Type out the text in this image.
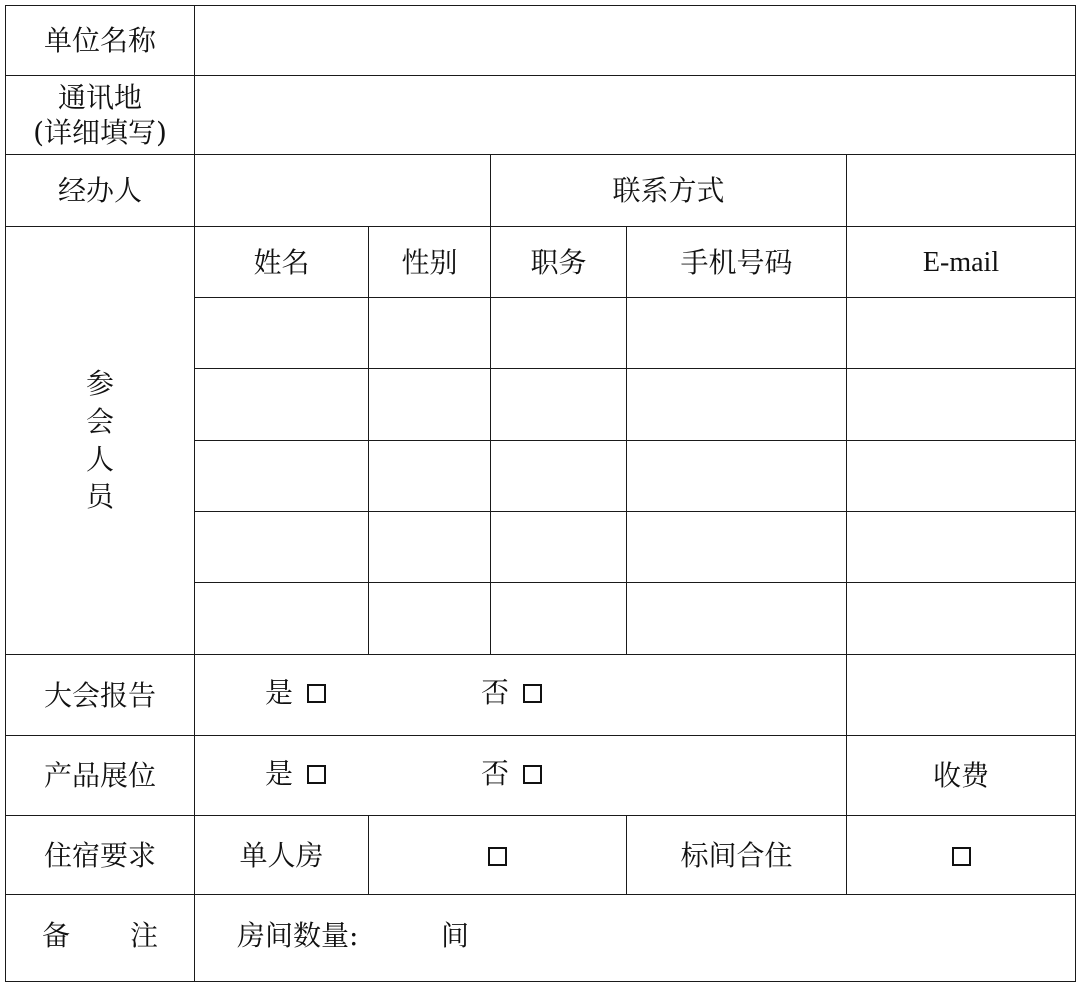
单位名称					

通讯地
(详细填写)					

经办人			联系方式		

参
会
人
员	姓名	性别	职务	手机号码	E-mail

大会报告	是 否				

产品展位	是 否				收费
住宿要求	单人房			标间合住	

备 注	房间数量: 间				
